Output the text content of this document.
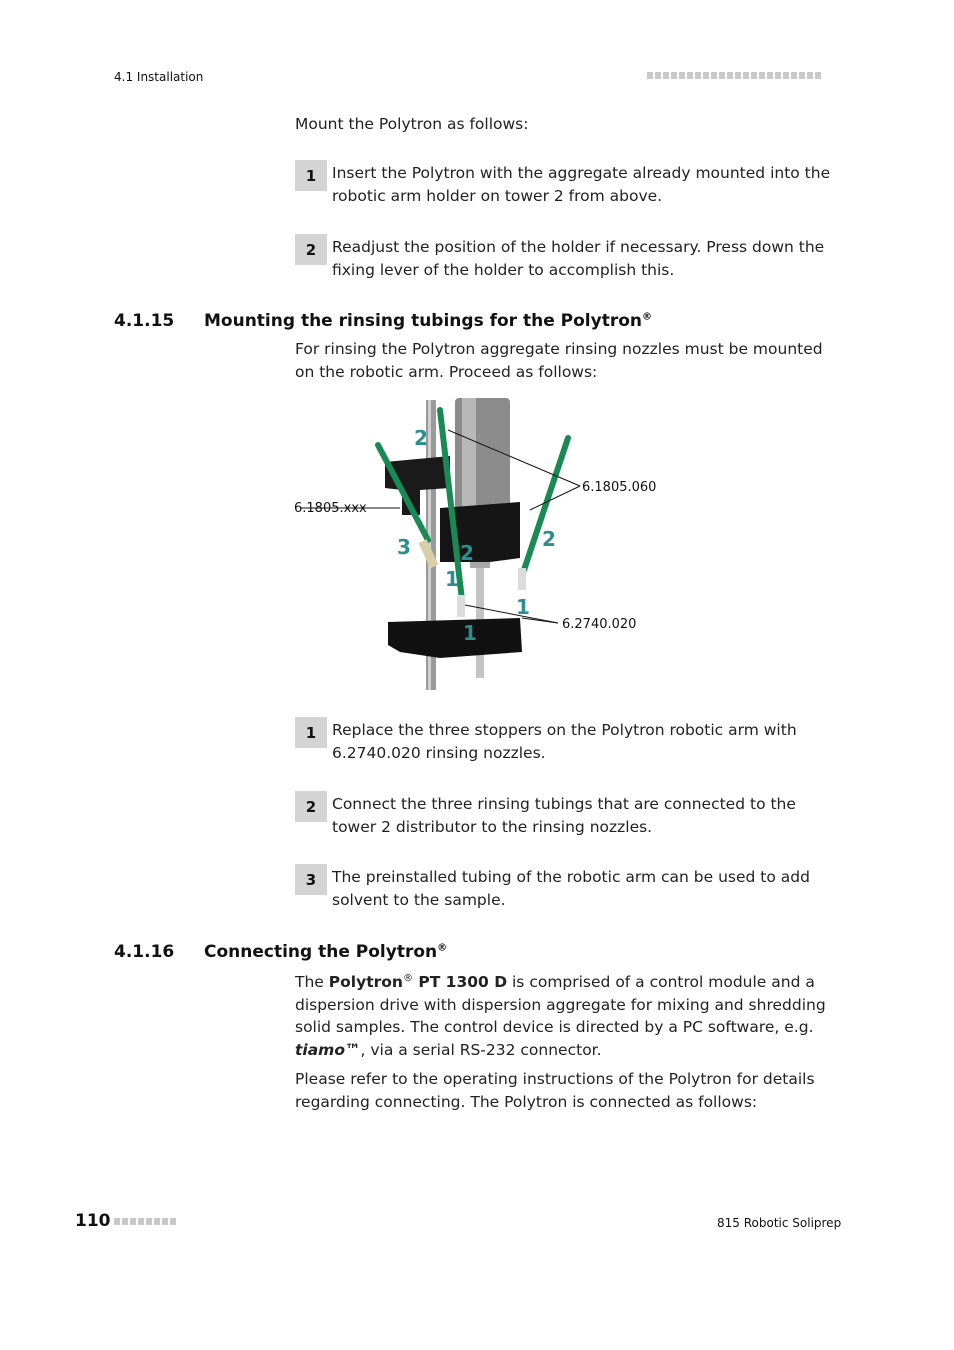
4.1 Installation
Mount the Polytron as follows:
1	Insert the Polytron with the aggregate already mounted into the robotic arm holder on tower 2 from above.
2	Readjust the position of the holder if necessary. Press down the fixing lever of the holder to accomplish this.
4.1.15 Mounting the rinsing tubings for the Polytron®
For rinsing the Polytron aggregate rinsing nozzles must be mounted on the robotic arm. Proceed as follows:
6.1805.xxx
6.1805.060
6.2740.020
2
3 2
2
1
1
1
1	Replace the three stoppers on the Polytron robotic arm with 6.2740.020 rinsing nozzles.
2	Connect the three rinsing tubings that are connected to the tower 2 distributor to the rinsing nozzles.
3	The preinstalled tubing of the robotic arm can be used to add solvent to the sample.
4.1.16 Connecting the Polytron®
The Polytron® PT 1300 D is comprised of a control module and a dispersion drive with dispersion aggregate for mixing and shredding solid samples. The control device is directed by a PC software, e.g. tiamo™, via a serial RS-232 connector.
Please refer to the operating instructions of the Polytron for details regarding connecting. The Polytron is connected as follows:
110	815 Robotic Soliprep
